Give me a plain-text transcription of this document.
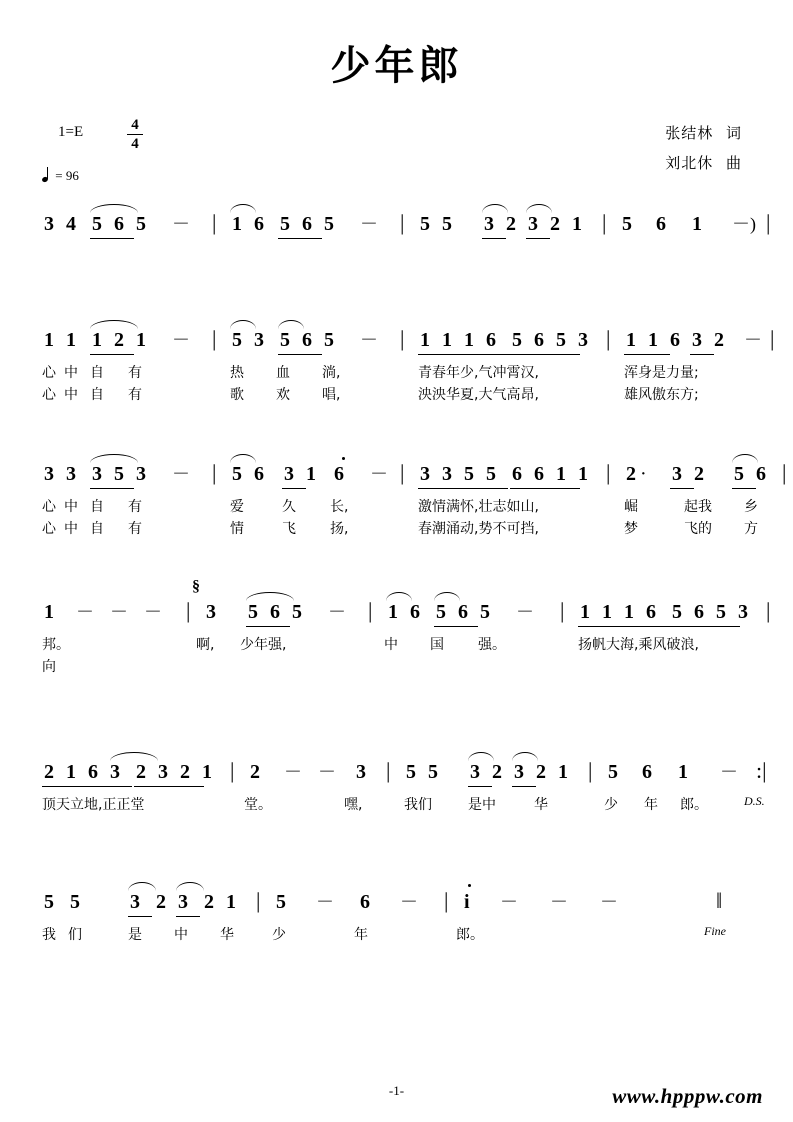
少年郎
张结林 词
刘北休 曲
1=E	4
4
= 96
3 4 5 6 5 － | 1 6 5 6 5 － | 5 5 3 2 3 2 1 | 5 6 1 － ) |
1 1 1 2 1 － | 5 3 5 6 5 － | 1 1 1 6 5 6 5 3 | 1 1 6 3 2 － |
心 中 自 有	热 血 淌,	青春年少,气冲霄汉,	浑身是力量;
心 中 自 有	歌 欢 唱,	泱泱华夏,大气高昂,	雄风傲东方;
3 3 3 5 3 － | 5 6 3 1 6 － | 3 3 5 5 6 6 1 1 | 2 · 3 2 5 6 |
心 中 自 有	爱	久 长,	激情满怀,壮志如山,	崛	起我 乡
心 中 自 有	情	飞 扬,	春潮涌动,势不可挡,	梦	飞的 方
1 － － － | 3 5 6 5 － | 1 6 5 6 5 － | 1 1 1 6 5 6 5 3 |
§
邦。	啊, 少年强,	中 国 强。	扬帆大海,乘风破浪,
向
2 1 6 3 2 3 2 1 | 2 － － 3 | 5 5 3 2 3 2 1 | 5 6 1 － :|
顶天立地,正正堂	堂。	嘿,	我们	是中	华	少 年 郎。	D.S.
5 5	3 2 3 2 1 | 5 － 6 － | i － － －	‖
我 们	是 中 华	少	年	郎。	Fine
-1-	www.hpppw.com
